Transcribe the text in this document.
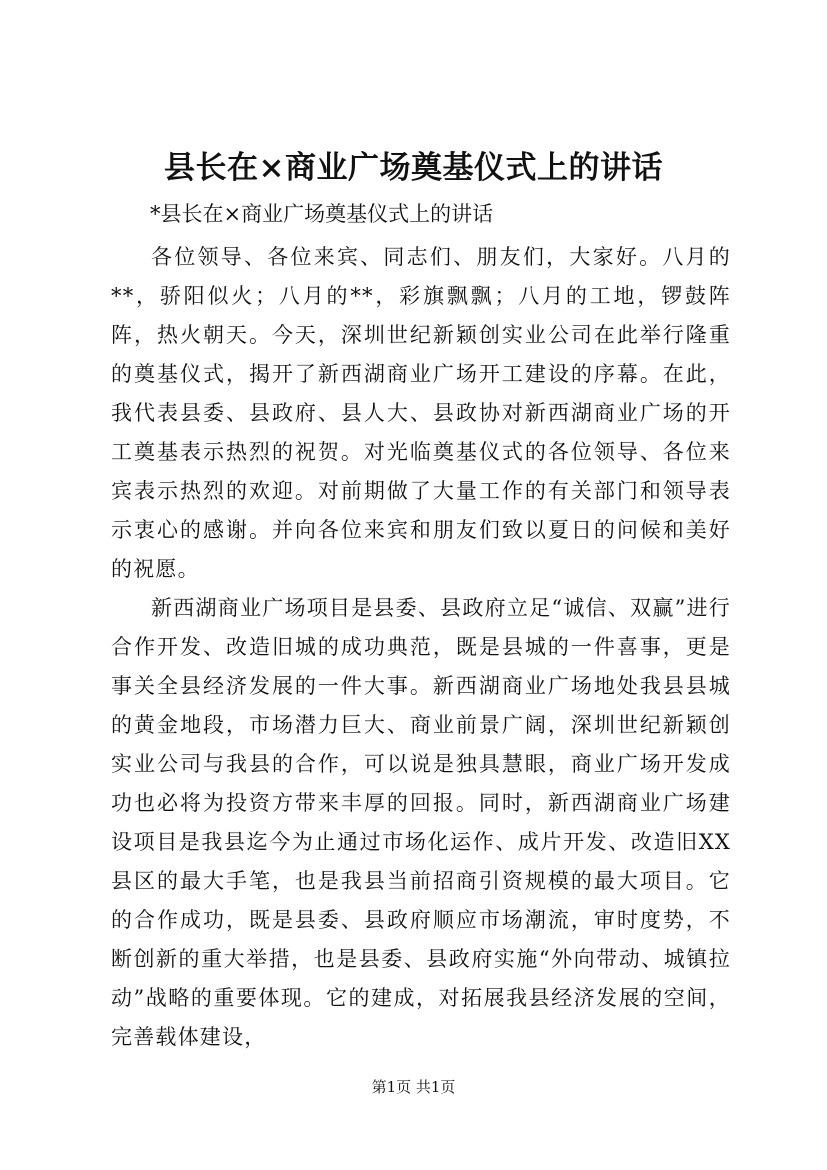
县长在×商业广场奠基仪式上的讲话
*县长在×商业广场奠基仪式上的讲话

各位领导、各位来宾、同志们、朋友们，大家好。八月的**，骄阳似火；八月的**，彩旗飘飘；八月的工地，锣鼓阵阵，热火朝天。今天，深圳世纪新颖创实业公司在此举行隆重的奠基仪式，揭开了新西湖商业广场开工建设的序幕。在此，我代表县委、县政府、县人大、县政协对新西湖商业广场的开工奠基表示热烈的祝贺。对光临奠基仪式的各位领导、各位来宾表示热烈的欢迎。对前期做了大量工作的有关部门和领导表示衷心的感谢。并向各位来宾和朋友们致以夏日的问候和美好的祝愿。

新西湖商业广场项目是县委、县政府立足“诚信、双赢”进行合作开发、改造旧城的成功典范，既是县城的一件喜事，更是事关全县经济发展的一件大事。新西湖商业广场地处我县县城的黄金地段，市场潜力巨大、商业前景广阔，深圳世纪新颖创实业公司与我县的合作，可以说是独具慧眼，商业广场开发成功也必将为投资方带来丰厚的回报。同时，新西湖商业广场建设项目是我县迄今为止通过市场化运作、成片开发、改造旧XX县区的最大手笔，也是我县当前招商引资规模的最大项目。它的合作成功，既是县委、县政府顺应市场潮流，审时度势，不断创新的重大举措，也是县委、县政府实施“外向带动、城镇拉动”战略的重要体现。它的建成，对拓展我县经济发展的空间，完善载体建设，

第1页 共1页
